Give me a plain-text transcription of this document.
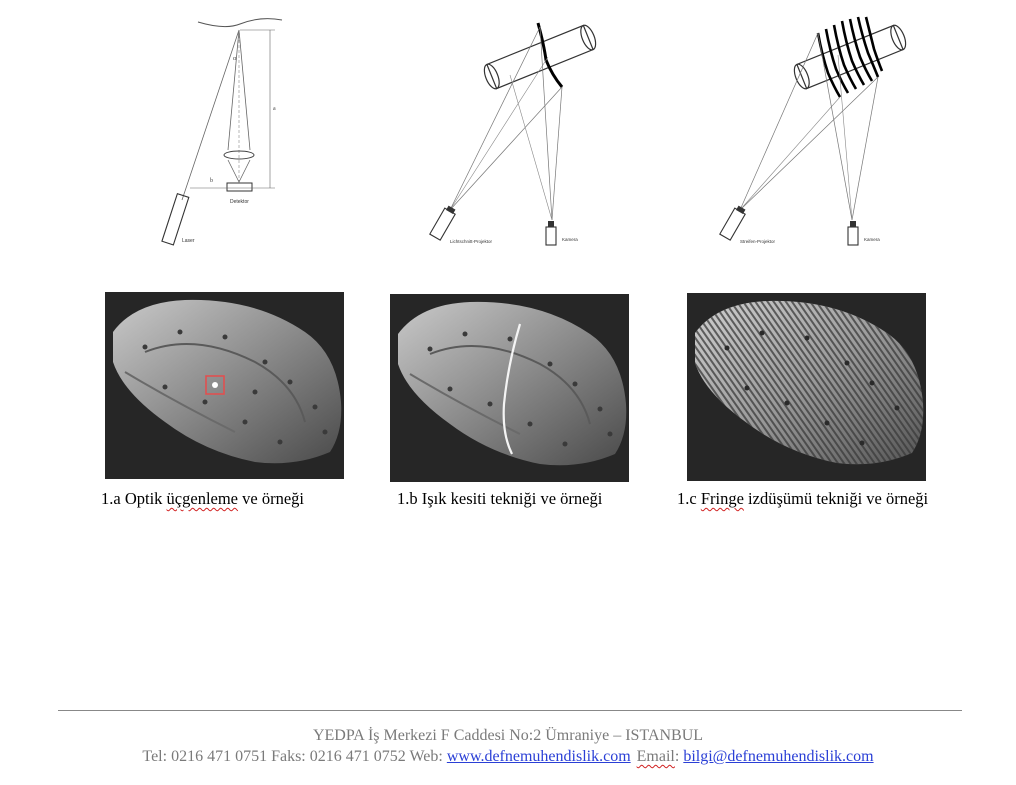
Laser
Detektor
α
a
b
Lichtschnitt-Projektor	Kamera	Streifen-Projektor	Kamera
1.a Optik üçgenleme ve örneği	1.b Işık kesiti tekniği ve örneği	1.c Fringe izdüşümü tekniği ve örneği
YEDPA İş Merkezi F Caddesi No:2 Ümraniye – ISTANBUL
Tel: 0216 471 0751 Faks: 0216 471 0752 Web: www.defnemuhendislik.com Email: bilgi@defnemuhendislik.com
